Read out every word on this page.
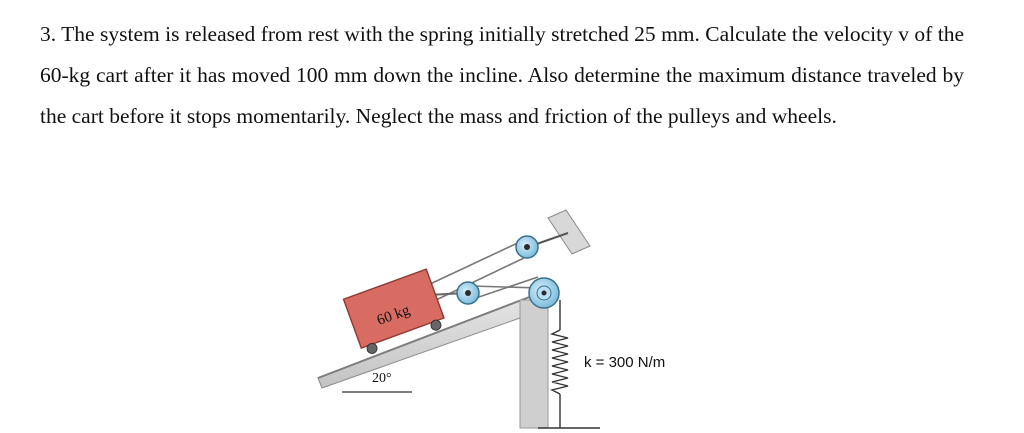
3. The system is released from rest with the spring initially stretched 25 mm. Calculate the velocity v of the 60-kg cart after it has moved 100 mm down the incline. Also determine the maximum distance traveled by the cart before it stops momentarily. Neglect the mass and friction of the pulleys and wheels.

60 kg
20°
k = 300 N/m
